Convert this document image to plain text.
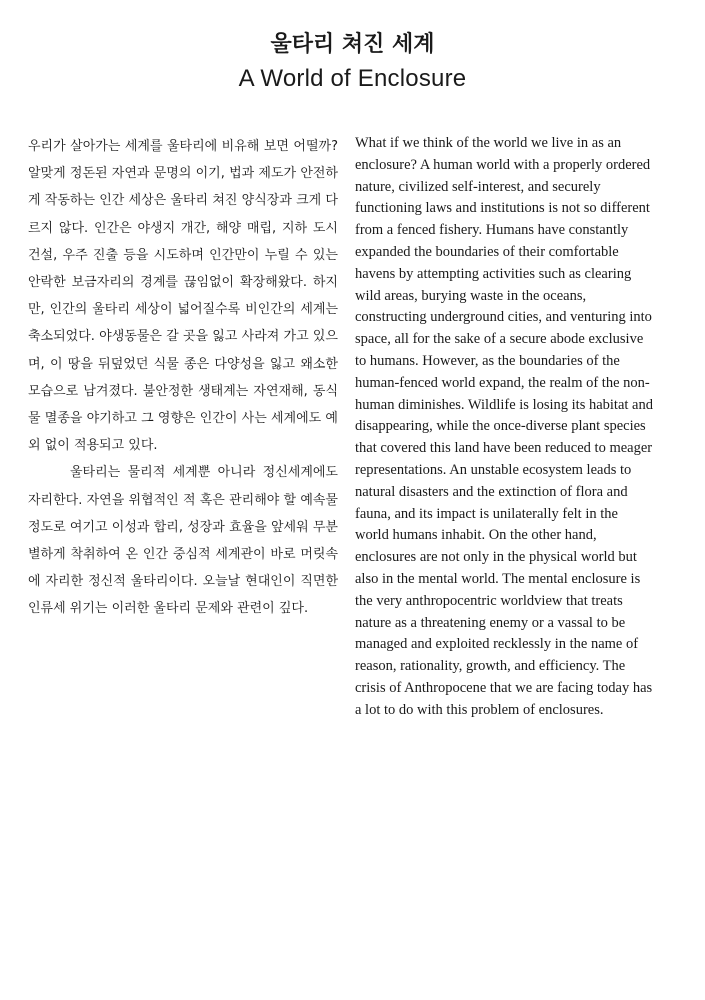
울타리 쳐진 세계
A World of Enclosure

우리가 살아가는 세계를 울타리에 비유해 보면 어떨까? 알맞게 정돈된 자연과 문명의 이기, 법과 제도가 안전하게 작동하는 인간 세상은 울타리 쳐진 양식장과 크게 다르지 않다. 인간은 야생지 개간, 해양 매립, 지하 도시 건설, 우주 진출 등을 시도하며 인간만이 누릴 수 있는 안락한 보금자리의 경계를 끊임없이 확장해왔다. 하지만, 인간의 울타리 세상이 넓어질수록 비인간의 세계는 축소되었다. 야생동물은 갈 곳을 잃고 사라져 가고 있으며, 이 땅을 뒤덮었던 식물 종은 다양성을 잃고 왜소한 모습으로 남겨졌다. 불안정한 생태계는 자연재해, 동식물 멸종을 야기하고 그 영향은 인간이 사는 세계에도 예외 없이 적용되고 있다.

울타리는 물리적 세계뿐 아니라 정신세계에도 자리한다. 자연을 위협적인 적 혹은 관리해야 할 예속물 정도로 여기고 이성과 합리, 성장과 효율을 앞세워 무분별하게 착취하여 온 인간 중심적 세계관이 바로 머릿속에 자리한 정신적 울타리이다. 오늘날 현대인이 직면한 인류세 위기는 이러한 울타리 문제와 관련이 깊다.

What if we think of the world we live in as an enclosure? A human world with a properly ordered nature, civilized self-interest, and securely functioning laws and institutions is not so different from a fenced fishery. Humans have constantly expanded the boundaries of their comfortable havens by attempting activities such as clearing wild areas, burying waste in the oceans, constructing underground cities, and venturing into space, all for the sake of a secure abode exclusive to humans. However, as the boundaries of the human-fenced world expand, the realm of the non-human diminishes. Wildlife is losing its habitat and disappearing, while the once-diverse plant species that covered this land have been reduced to meager representations. An unstable ecosystem leads to natural disasters and the extinction of flora and fauna, and its impact is unilaterally felt in the world humans inhabit. On the other hand, enclosures are not only in the physical world but also in the mental world. The mental enclosure is the very anthropocentric worldview that treats nature as a threatening enemy or a vassal to be managed and exploited recklessly in the name of reason, rationality, growth, and efficiency. The crisis of Anthropocene that we are facing today has a lot to do with this problem of enclosures.
